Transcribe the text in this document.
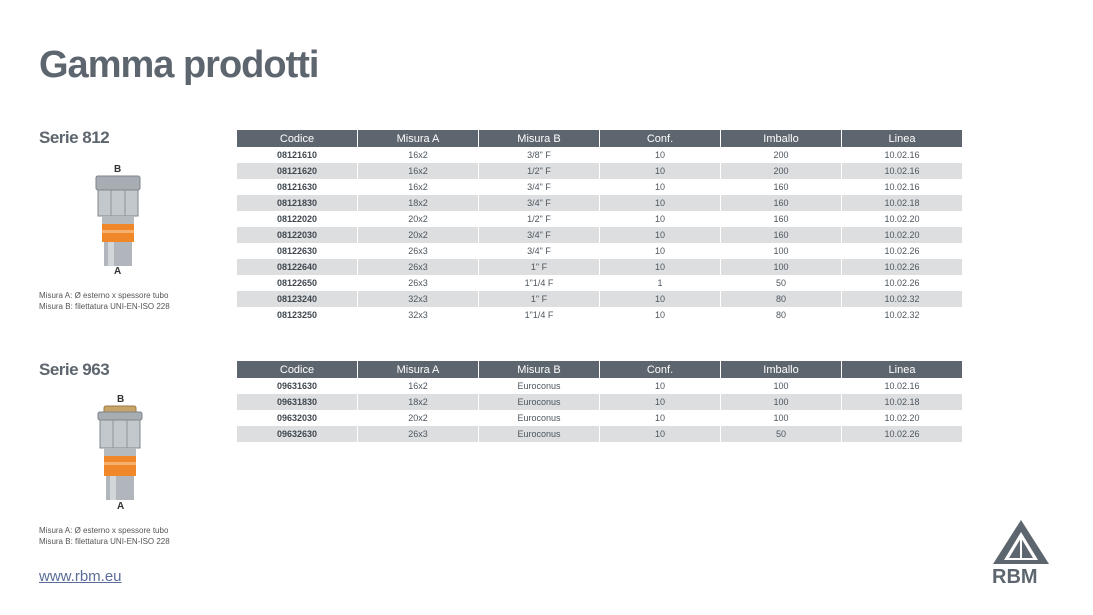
Gamma prodotti
Serie 812
B
A
Misura A: Ø esterno x spessore tubo
Misura B: filettatura UNI-EN-ISO 228
Codice	Misura A	Misura B	Conf.	Imballo	Linea
08121610	16x2	3/8" F	10	200	10.02.16
08121620	16x2	1/2" F	10	200	10.02.16
08121630	16x2	3/4" F	10	160	10.02.16
08121830	18x2	3/4" F	10	160	10.02.18
08122020	20x2	1/2" F	10	160	10.02.20
08122030	20x2	3/4" F	10	160	10.02.20
08122630	26x3	3/4" F	10	100	10.02.26
08122640	26x3	1" F	10	100	10.02.26
08122650	26x3	1"1/4 F	1	50	10.02.26
08123240	32x3	1" F	10	80	10.02.32
08123250	32x3	1"1/4 F	10	80	10.02.32
Serie 963
B
A
Misura A: Ø esterno x spessore tubo
Misura B: filettatura UNI-EN-ISO 228
Codice	Misura A	Misura B	Conf.	Imballo	Linea
09631630	16x2	Euroconus	10	100	10.02.16
09631830	18x2	Euroconus	10	100	10.02.18
09632030	20x2	Euroconus	10	100	10.02.20
09632630	26x3	Euroconus	10	50	10.02.26
www.rbm.eu	RBM
